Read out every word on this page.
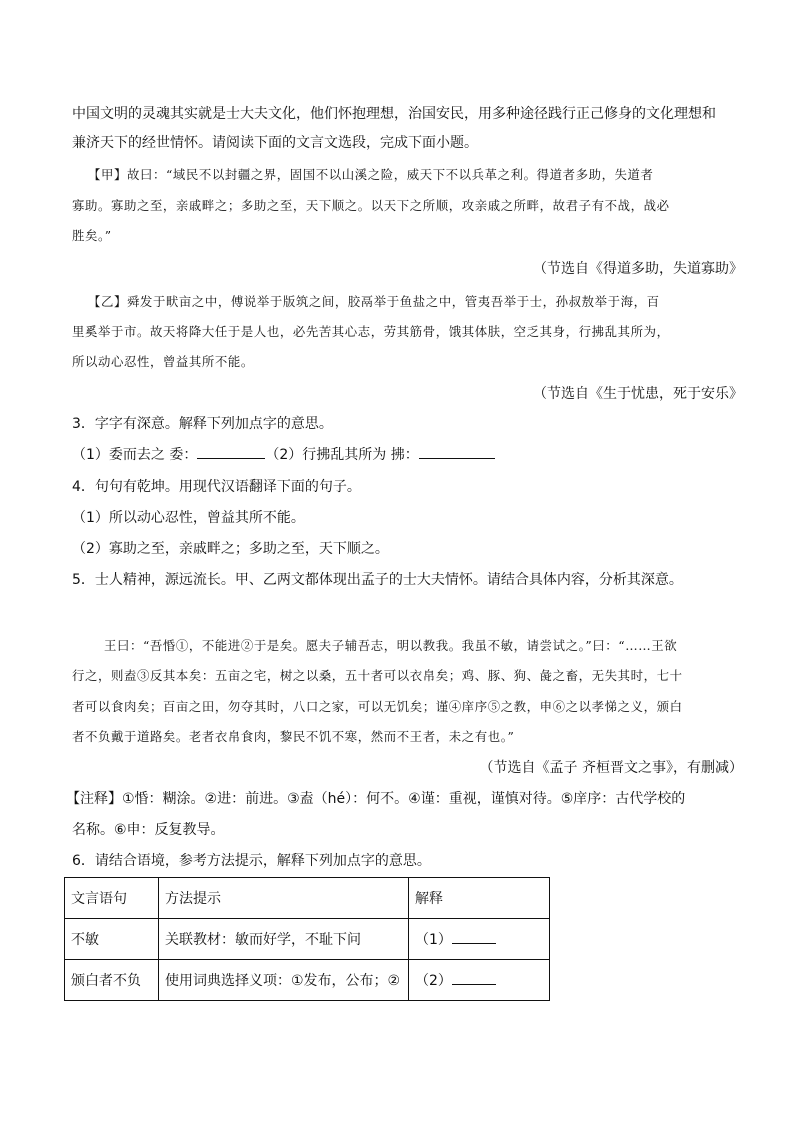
中国文明的灵魂其实就是士大夫文化，他们怀抱理想，治国安民，用多种途径践行正己修身的文化理想和
兼济天下的经世情怀。请阅读下面的文言文选段，完成下面小题。
【甲】故曰：“域民不以封疆之界，固国不以山溪之险，威天下不以兵革之利。得道者多助，失道者
寡助。寡助之至，亲戚畔之；多助之至，天下顺之。以天下之所顺，攻亲戚之所畔，故君子有不战，战必
胜矣。”
（节选自《得道多助，失道寡助》
【乙】舜发于畎亩之中，傅说举于版筑之间，胶鬲举于鱼盐之中，管夷吾举于士，孙叔敖举于海，百
里奚举于市。故天将降大任于是人也，必先苦其心志，劳其筋骨，饿其体肤，空乏其身，行拂乱其所为，
所以动心忍性，曾益其所不能。
（节选自《生于忧患，死于安乐》
3．字字有深意。解释下列加点字的意思。
（1）委而去之 委：	（2）行拂乱其所为 拂：
4．句句有乾坤。用现代汉语翻译下面的句子。
（1）所以动心忍性，曾益其所不能。
（2）寡助之至，亲戚畔之；多助之至，天下顺之。
5．士人精神，源远流长。甲、乙两文都体现出孟子的士大夫情怀。请结合具体内容，分析其深意。
王曰：“吾惛①，不能进②于是矣。愿夫子辅吾志，明以教我。我虽不敏，请尝试之。”曰：“……王欲
行之，则盍③反其本矣：五亩之宅，树之以桑，五十者可以衣帛矣；鸡、豚、狗、彘之畜，无失其时，七十
者可以食肉矣；百亩之田，勿夺其时，八口之家，可以无饥矣；谨④庠序⑤之教，申⑥之以孝悌之义，颁白
者不负戴于道路矣。老者衣帛食肉，黎民不饥不寒，然而不王者，未之有也。”
（节选自《孟子 齐桓晋文之事》，有删减）
【注释】①惛：糊涂。②进：前进。③盍（hé）：何不。④谨：重视，谨慎对待。⑤庠序：古代学校的
名称。⑥申：反复教导。
6．请结合语境，参考方法提示，解释下列加点字的意思。
文言语句	方法提示	解释
不敏	关联教材：敏而好学，不耻下问	（1）
颁白者不负	使用词典选择义项：①发布，公布；②	（2）
